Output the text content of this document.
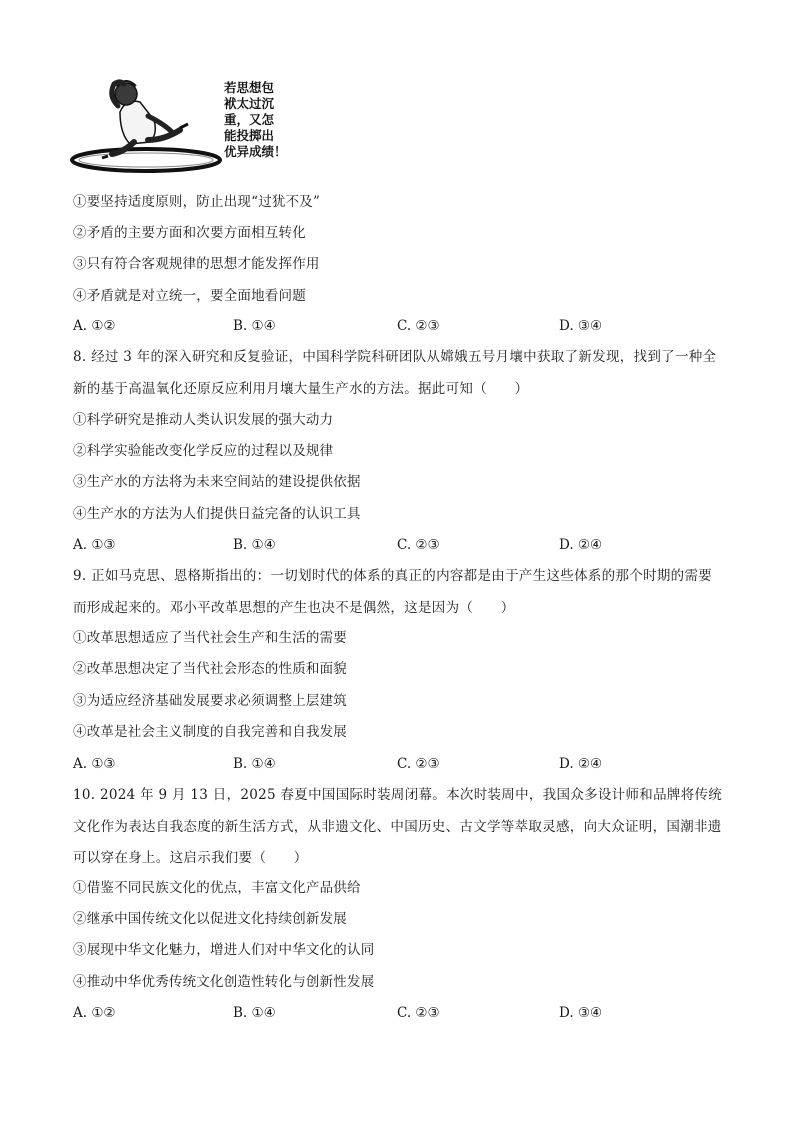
若思想包
袱太过沉
重，又怎
能投掷出
优异成绩！
①要坚持适度原则，防止出现“过犹不及”
②矛盾的主要方面和次要方面相互转化
③只有符合客观规律的思想才能发挥作用
④矛盾就是对立统一，要全面地看问题
A. ①②	B. ①④	C. ②③	D. ③④
8. 经过 3 年的深入研究和反复验证，中国科学院科研团队从嫦娥五号月壤中获取了新发现，找到了一种全新的基于高温氧化还原反应利用月壤大量生产水的方法。据此可知（　　）
①科学研究是推动人类认识发展的强大动力
②科学实验能改变化学反应的过程以及规律
③生产水的方法将为未来空间站的建设提供依据
④生产水的方法为人们提供日益完备的认识工具
A. ①③	B. ①④	C. ②③	D. ②④
9. 正如马克思、恩格斯指出的：一切划时代的体系的真正的内容都是由于产生这些体系的那个时期的需要而形成起来的。邓小平改革思想的产生也决不是偶然，这是因为（　　）
①改革思想适应了当代社会生产和生活的需要
②改革思想决定了当代社会形态的性质和面貌
③为适应经济基础发展要求必须调整上层建筑
④改革是社会主义制度的自我完善和自我发展
A. ①③	B. ①④	C. ②③	D. ②④
10. 2024 年 9 月 13 日，2025 春夏中国国际时装周闭幕。本次时装周中，我国众多设计师和品牌将传统文化作为表达自我态度的新生活方式，从非遗文化、中国历史、古文学等萃取灵感，向大众证明，国潮非遗可以穿在身上。这启示我们要（　　）
①借鉴不同民族文化的优点，丰富文化产品供给
②继承中国传统文化以促进文化持续创新发展
③展现中华文化魅力，增进人们对中华文化的认同
④推动中华优秀传统文化创造性转化与创新性发展
A. ①②	B. ①④	C. ②③	D. ③④
